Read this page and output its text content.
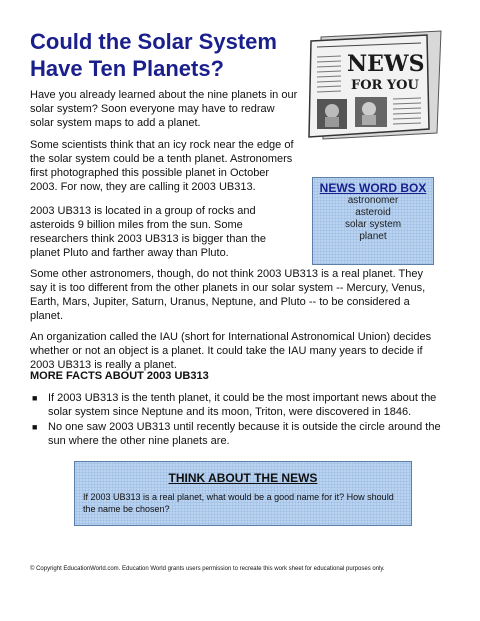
Could the Solar System Have Ten Planets?	NEWS
FOR YOU

Have you already learned about the nine planets in our solar system? Soon everyone may have to redraw solar system maps to add a planet.

Some scientists think that an icy rock near the edge of the solar system could be a tenth planet. Astronomers first photographed this possible planet in October 2003. For now, they are calling it 2003 UB313.

2003 UB313 is located in a group of rocks and asteroids 9 billion miles from the sun. Some researchers think 2003 UB313 is bigger than the planet Pluto and farther away than Pluto.

NEWS WORD BOX
astronomer
asteroid
solar system
planet

Some other astronomers, though, do not think 2003 UB313 is a real planet. They say it is too different from the other planets in our solar system -- Mercury, Venus, Earth, Mars, Jupiter, Saturn, Uranus, Neptune, and Pluto -- to be considered a planet.

An organization called the IAU (short for International Astronomical Union) decides whether or not an object is a planet. It could take the IAU many years to decide if 2003 UB313 is really a planet.

MORE FACTS ABOUT 2003 UB313
■ If 2003 UB313 is the tenth planet, it could be the most important news about the solar system since Neptune and its moon, Triton, were discovered in 1846.
■ No one saw 2003 UB313 until recently because it is outside the circle around the sun where the other nine planets are.
THINK ABOUT THE NEWS
If 2003 UB313 is a real planet, what would be a good name for it? How should the name be chosen?
© Copyright EducationWorld.com. Education World grants users permission to recreate this work sheet for educational purposes only.
